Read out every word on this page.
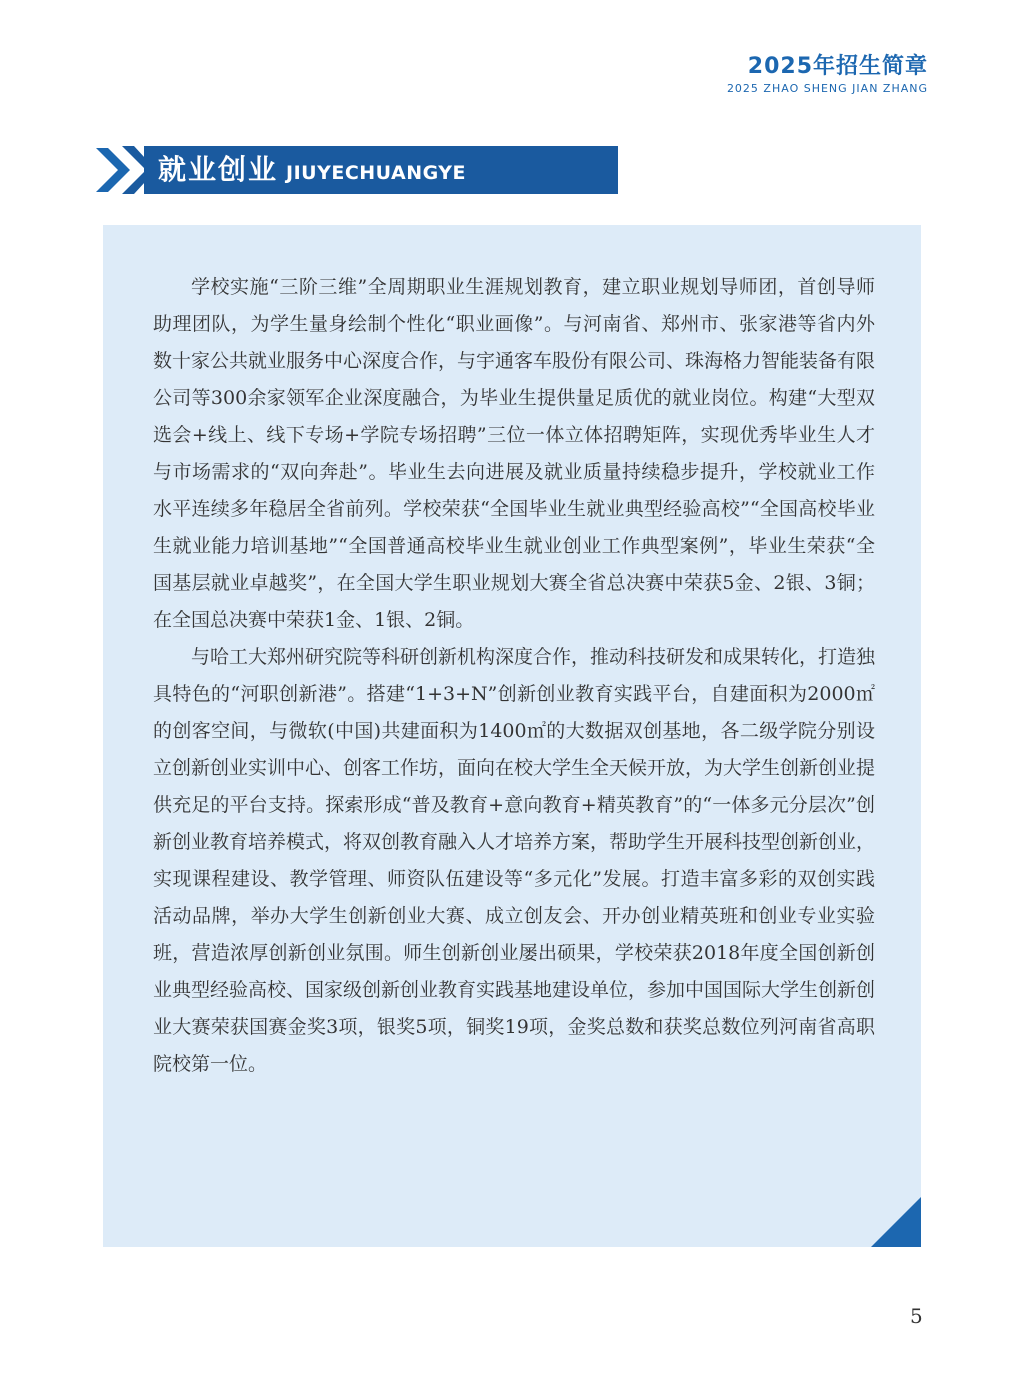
2025年招生简章
2025 ZHAO SHENG JIAN ZHANG
就业创业 JIUYECHUANGYE

学校实施“三阶三维”全周期职业生涯规划教育，建立职业规划导师团，首创导师助理团队，为学生量身绘制个性化“职业画像”。与河南省、郑州市、张家港等省内外数十家公共就业服务中心深度合作，与宇通客车股份有限公司、珠海格力智能装备有限公司等300余家领军企业深度融合，为毕业生提供量足质优的就业岗位。构建“大型双选会+线上、线下专场+学院专场招聘”三位一体立体招聘矩阵，实现优秀毕业生人才与市场需求的“双向奔赴”。毕业生去向进展及就业质量持续稳步提升，学校就业工作水平连续多年稳居全省前列。学校荣获“全国毕业生就业典型经验高校”“全国高校毕业生就业能力培训基地”“全国普通高校毕业生就业创业工作典型案例”，毕业生荣获“全国基层就业卓越奖”，在全国大学生职业规划大赛全省总决赛中荣获5金、2银、3铜；在全国总决赛中荣获1金、1银、2铜。

与哈工大郑州研究院等科研创新机构深度合作，推动科技研发和成果转化，打造独具特色的“河职创新港”。搭建“1+3+N”创新创业教育实践平台，自建面积为2000㎡的创客空间，与微软(中国)共建面积为1400㎡的大数据双创基地，各二级学院分别设立创新创业实训中心、创客工作坊，面向在校大学生全天候开放，为大学生创新创业提供充足的平台支持。探索形成“普及教育+意向教育+精英教育”的“一体多元分层次”创新创业教育培养模式，将双创教育融入人才培养方案，帮助学生开展科技型创新创业，实现课程建设、教学管理、师资队伍建设等“多元化”发展。打造丰富多彩的双创实践活动品牌，举办大学生创新创业大赛、成立创友会、开办创业精英班和创业专业实验班，营造浓厚创新创业氛围。师生创新创业屡出硕果，学校荣获2018年度全国创新创业典型经验高校、国家级创新创业教育实践基地建设单位，参加中国国际大学生创新创业大赛荣获国赛金奖3项，银奖5项，铜奖19项，金奖总数和获奖总数位列河南省高职院校第一位。

5
